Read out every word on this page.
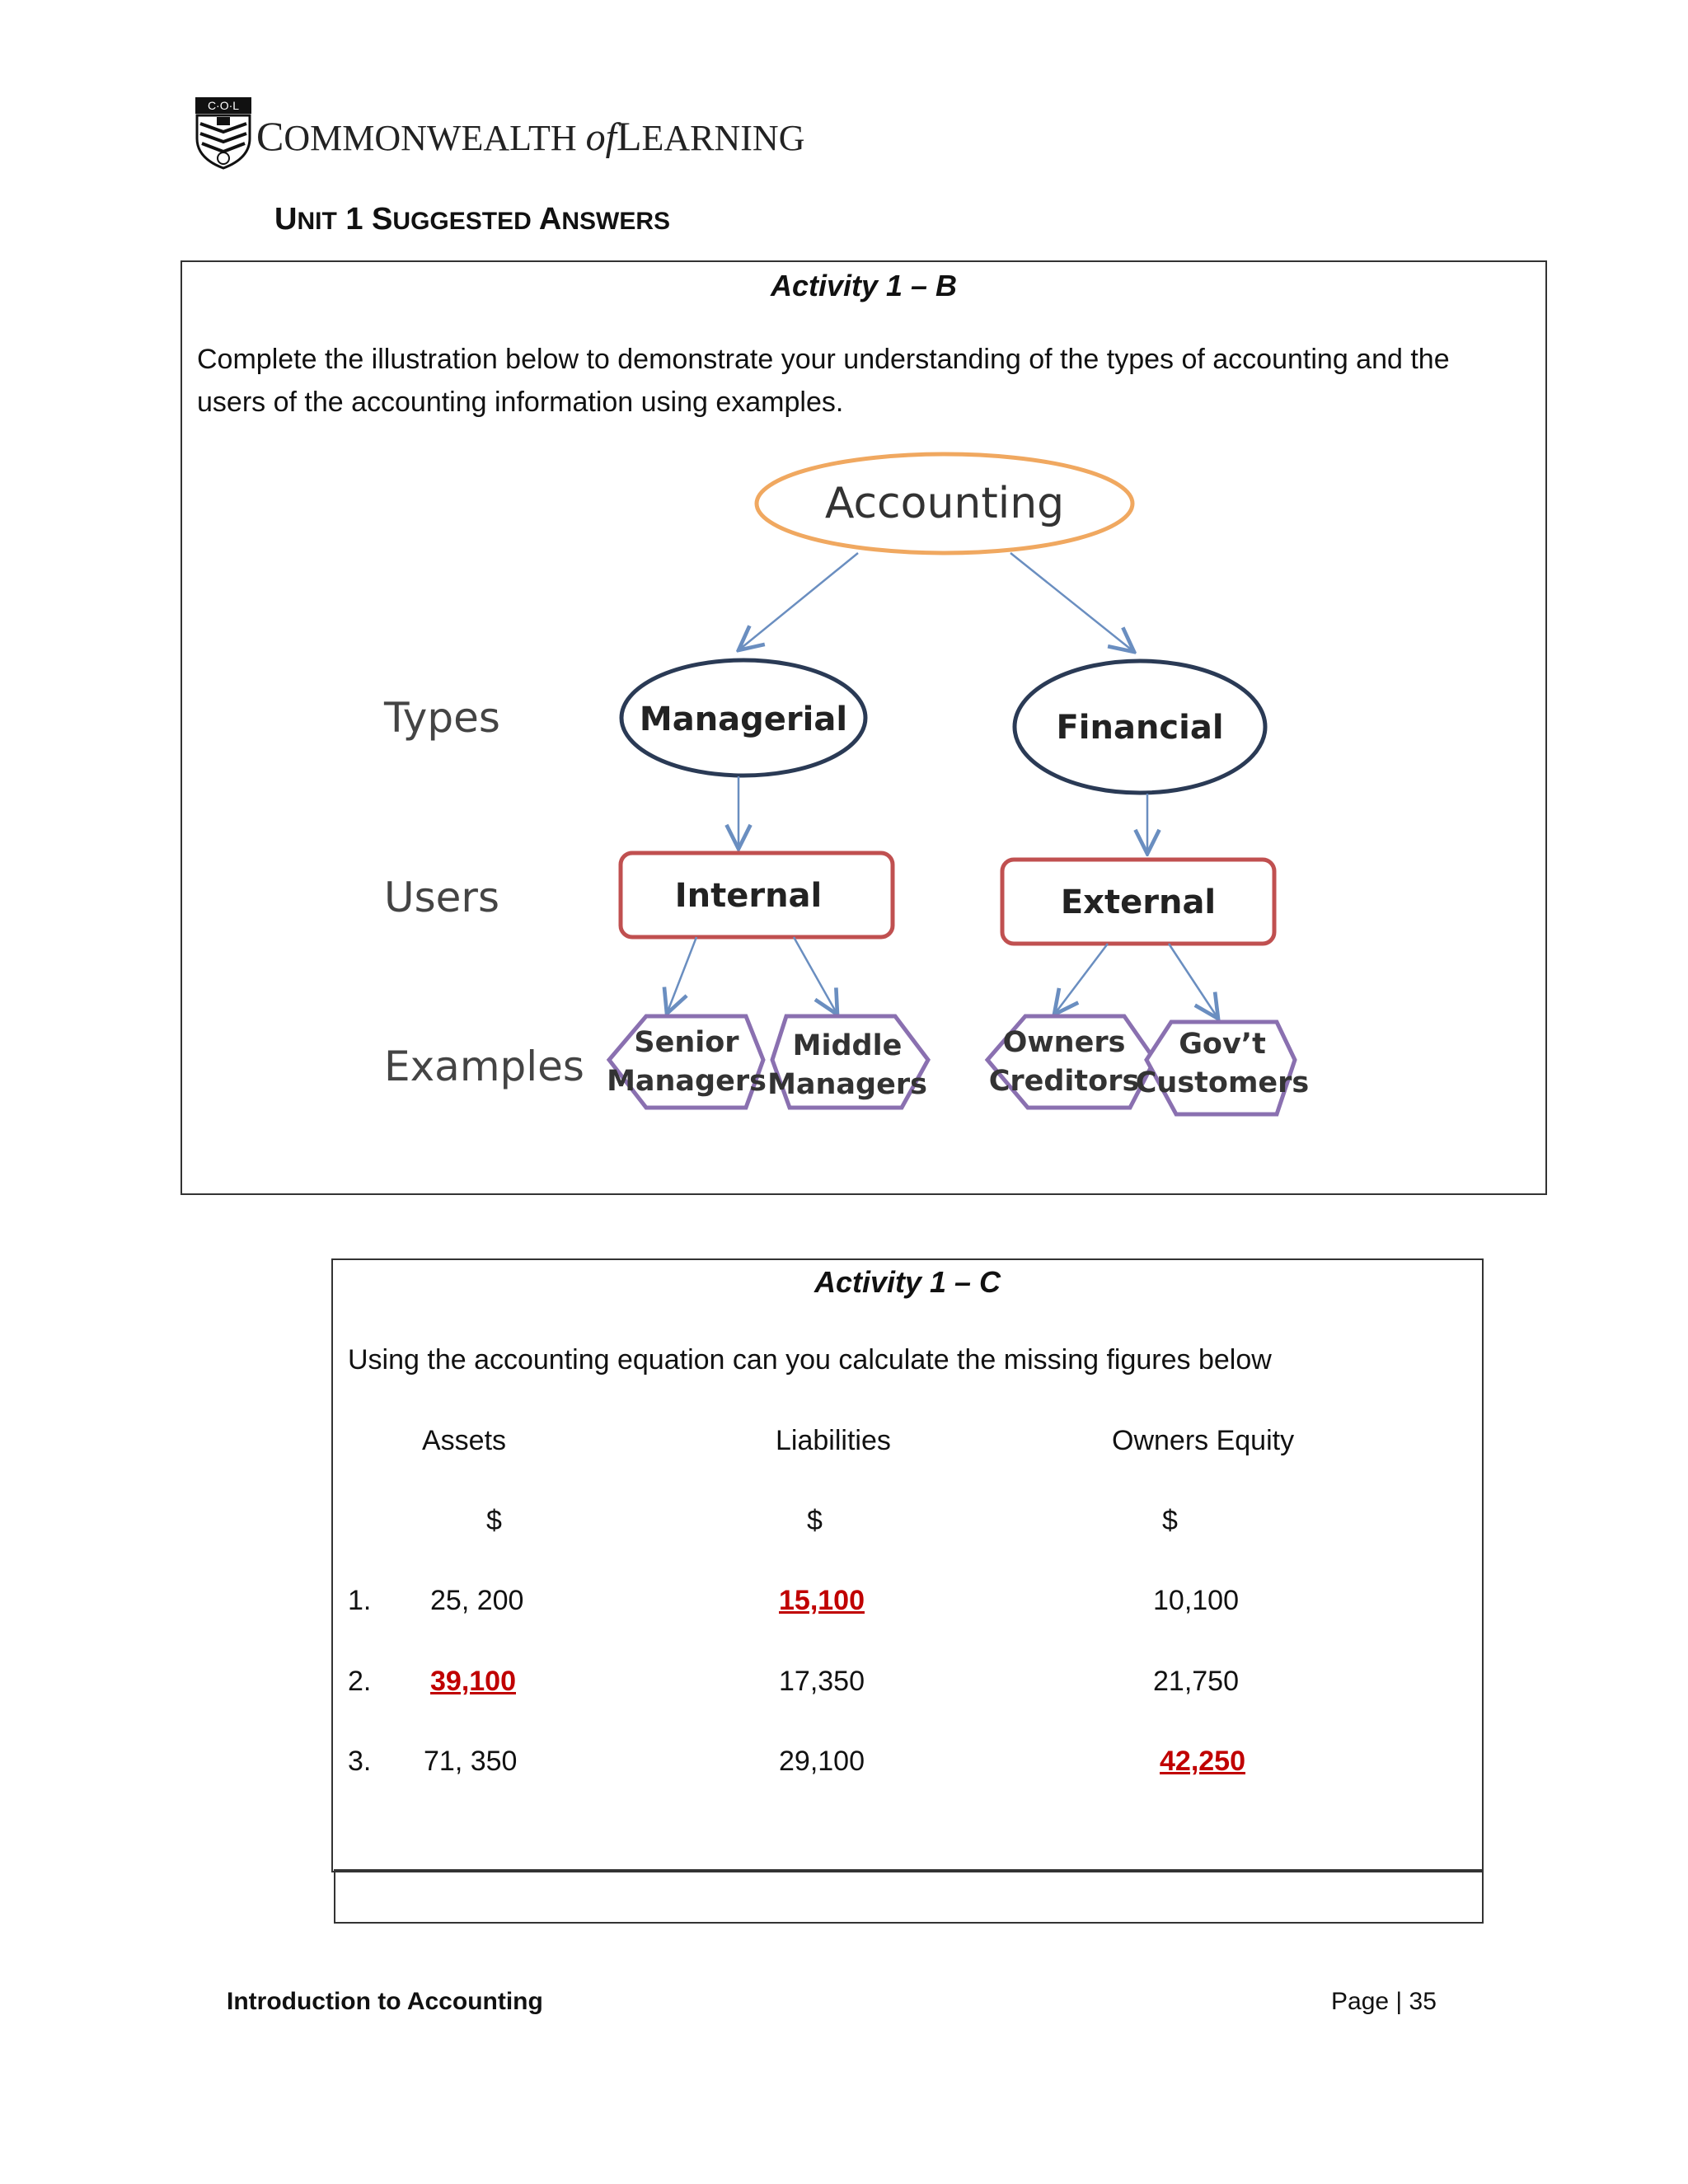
C·O·L
COMMONWEALTH ofLEARNING
UNIT 1 SUGGESTED ANSWERS
Activity 1 – B
Complete the illustration below to demonstrate your understanding of the types of accounting and the users of the accounting information using examples.
Accounting
Types
Users
Examples
Managerial	Financial
Internal	External
Senior
Managers
Middle
Managers
Owners
Creditors
Gov’t
Customers
Activity 1 – C
Using the accounting equation can you calculate the missing figures below
Assets	Liabilities	Owners Equity
$	$	$
1. 25, 200	15,100	10,100
2. 39,100	17,350	21,750
3. 71, 350	29,100	42,250
Introduction to Accounting	Page | 35
